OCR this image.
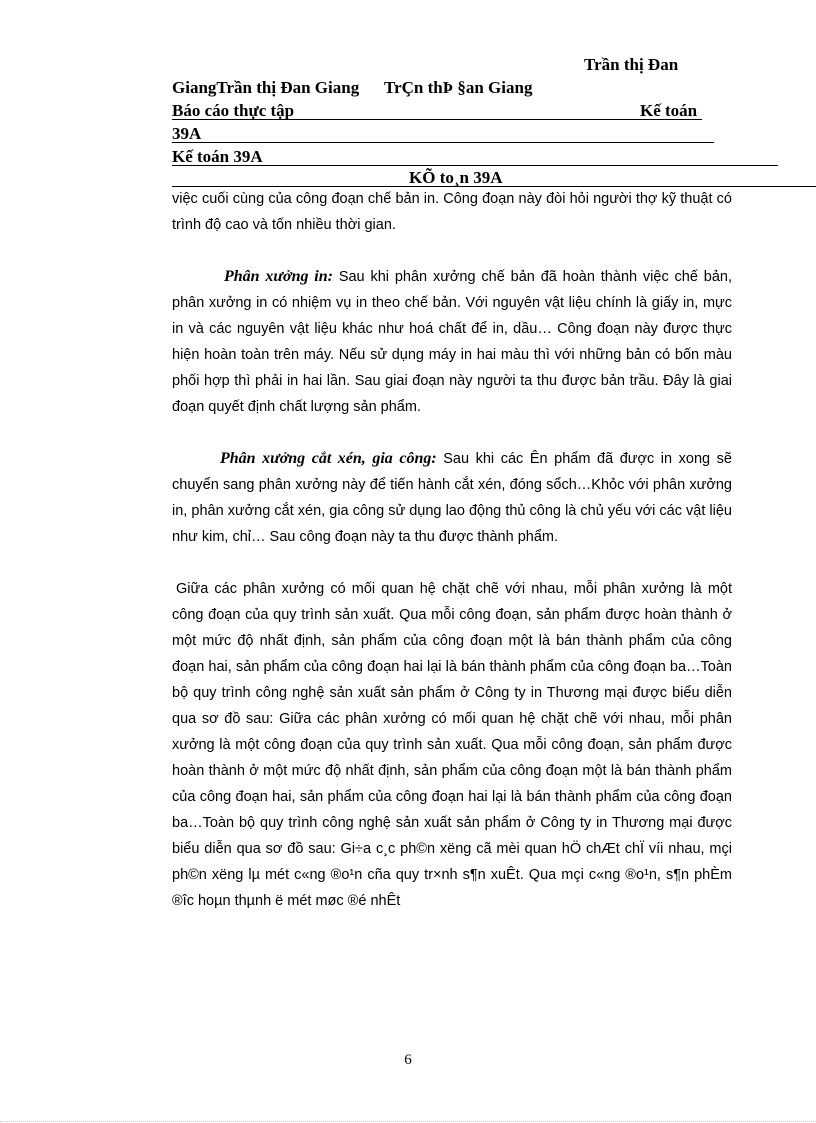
Trần thị Đan
GiangTrần thị Đan Giang TrÇn thÞ §an Giang
Báo cáo thực tập	Kế toán
39A
Kế toán 39A
KÕ to¸n 39A

việc cuối cùng của công đoạn chế bản in. Công đoạn này đòi hỏi người thợ kỹ thuật có trình độ cao và tốn nhiều thời gian.

Phân xưởng in: Sau khi phân xưởng chế bản đã hoàn thành việc chế bản, phân xưởng in có nhiệm vụ in theo chế bản. Với nguyên vật liệu chính là giấy in, mực in và các nguyên vật liệu khác như hoá chất để in, dầu… Công đoạn này được thực hiện hoàn toàn trên máy. Nếu sử dụng máy in hai màu thì với những bản có bốn màu phối hợp thì phải in hai lần. Sau giai đoạn này người ta thu được bản trầu. Đây là giai đoạn quyết định chất lượng sản phẩm.

Phân xưởng cắt xén, gia công: Sau khi các Ên phẩm đã được in xong sẽ chuyển sang phân xưởng này để tiến hành cắt xén, đóng sổch…Khỏc với phân xưởng in, phân xưởng cắt xén, gia công sử dụng lao động thủ công là chủ yếu với các vật liệu như kim, chỉ… Sau công đoạn này ta thu được thành phẩm.

Giữa các phân xưởng có mối quan hệ chặt chẽ với nhau, mỗi phân xưởng là một công đoạn của quy trình sản xuất. Qua mỗi công đoạn, sản phẩm được hoàn thành ở một mức độ nhất định, sản phẩm của công đoạn một là bán thành phẩm của công đoạn hai, sản phẩm của công đoạn hai lại là bán thành phẩm của công đoạn ba…Toàn bộ quy trình công nghệ sản xuất sản phẩm ở Công ty in Thương mại được biểu diễn qua sơ đồ sau: Giữa các phân xưởng có mối quan hệ chặt chẽ với nhau, mỗi phân xưởng là một công đoạn của quy trình sản xuất. Qua mỗi công đoạn, sản phẩm được hoàn thành ở một mức độ nhất định, sản phẩm của công đoạn một là bán thành phẩm của công đoạn hai, sản phẩm của công đoạn hai lại là bán thành phẩm của công đoạn ba…Toàn bộ quy trình công nghệ sản xuất sản phẩm ở Công ty in Thương mại được biểu diễn qua sơ đồ sau: Gi÷a c¸c ph©n xëng cã mèi quan hÖ chÆt chÏ víi nhau, mçi ph©n xëng lµ mét c«ng ®o¹n cña quy tr×nh s¶n xuÊt. Qua mçi c«ng ®o¹n, s¶n phÈm ®îc hoµn thµnh ë mét møc ®é nhÊt

6
